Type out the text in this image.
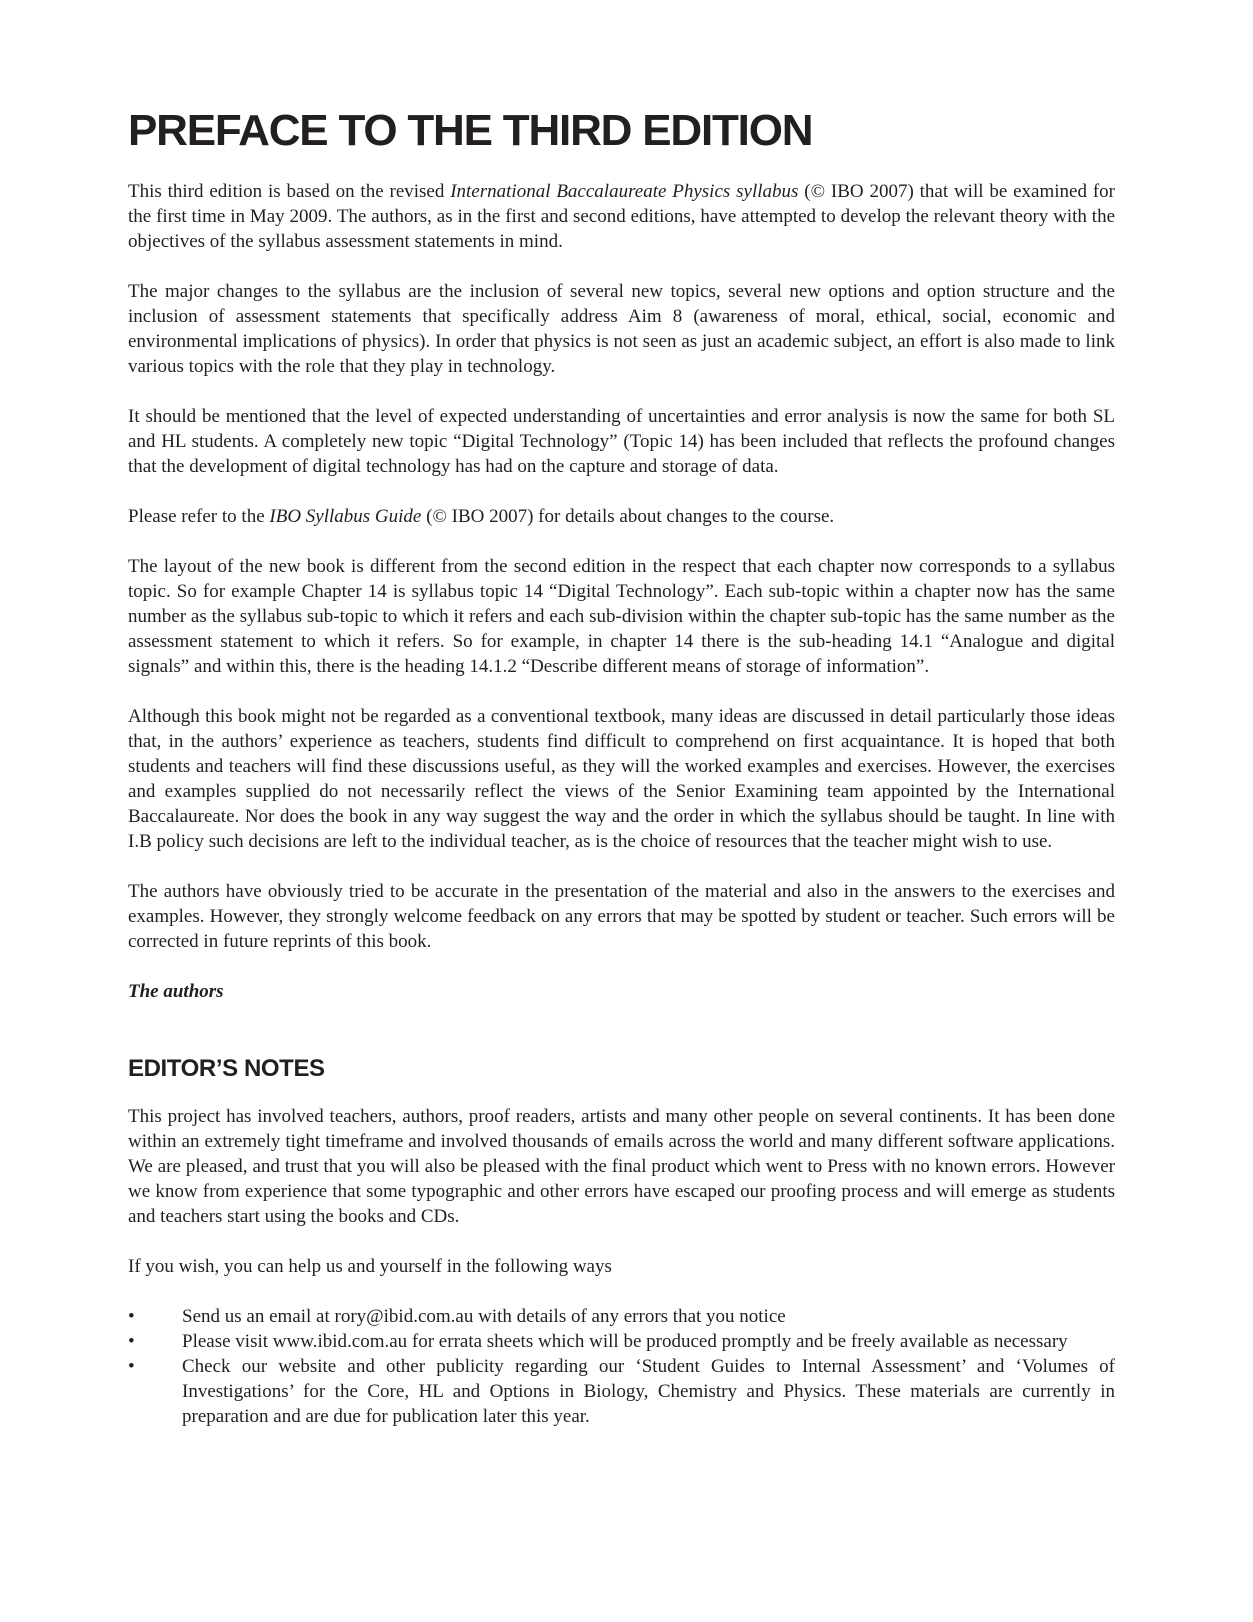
PREFACE TO THE THIRD EDITION

This third edition is based on the revised International Baccalaureate Physics syllabus (© IBO 2007) that will be examined for the first time in May 2009. The authors, as in the first and second editions, have attempted to develop the relevant theory with the objectives of the syllabus assessment statements in mind.

The major changes to the syllabus are the inclusion of several new topics, several new options and option structure and the inclusion of assessment statements that specifically address Aim 8 (awareness of moral, ethical, social, economic and environmental implications of physics). In order that physics is not seen as just an academic subject, an effort is also made to link various topics with the role that they play in technology.

It should be mentioned that the level of expected understanding of uncertainties and error analysis is now the same for both SL and HL students. A completely new topic “Digital Technology” (Topic 14) has been included that reflects the profound changes that the development of digital technology has had on the capture and storage of data.

Please refer to the IBO Syllabus Guide (© IBO 2007) for details about changes to the course.

The layout of the new book is different from the second edition in the respect that each chapter now corresponds to a syllabus topic. So for example Chapter 14 is syllabus topic 14 “Digital Technology”. Each sub-topic within a chapter now has the same number as the syllabus sub-topic to which it refers and each sub-division within the chapter sub-topic has the same number as the assessment statement to which it refers. So for example, in chapter 14 there is the sub-heading 14.1 “Analogue and digital signals” and within this, there is the heading 14.1.2 “Describe different means of storage of information”.

Although this book might not be regarded as a conventional textbook, many ideas are discussed in detail particularly those ideas that, in the authors’ experience as teachers, students find difficult to comprehend on first acquaintance. It is hoped that both students and teachers will find these discussions useful, as they will the worked examples and exercises. However, the exercises and examples supplied do not necessarily reflect the views of the Senior Examining team appointed by the International Baccalaureate. Nor does the book in any way suggest the way and the order in which the syllabus should be taught. In line with I.B policy such decisions are left to the individual teacher, as is the choice of resources that the teacher might wish to use.

The authors have obviously tried to be accurate in the presentation of the material and also in the answers to the exercises and examples. However, they strongly welcome feedback on any errors that may be spotted by student or teacher. Such errors will be corrected in future reprints of this book.

The authors

EDITOR’S NOTES

This project has involved teachers, authors, proof readers, artists and many other people on several continents. It has been done within an extremely tight timeframe and involved thousands of emails across the world and many different software applications. We are pleased, and trust that you will also be pleased with the final product which went to Press with no known errors. However we know from experience that some typographic and other errors have escaped our proofing process and will emerge as students and teachers start using the books and CDs.

If you wish, you can help us and yourself in the following ways

•	Send us an email at rory@ibid.com.au with details of any errors that you notice
•	Please visit www.ibid.com.au for errata sheets which will be produced promptly and be freely available as necessary
•	Check our website and other publicity regarding our ‘Student Guides to Internal Assessment’ and ‘Volumes of Investigations’ for the Core, HL and Options in Biology, Chemistry and Physics. These materials are currently in preparation and are due for publication later this year.
